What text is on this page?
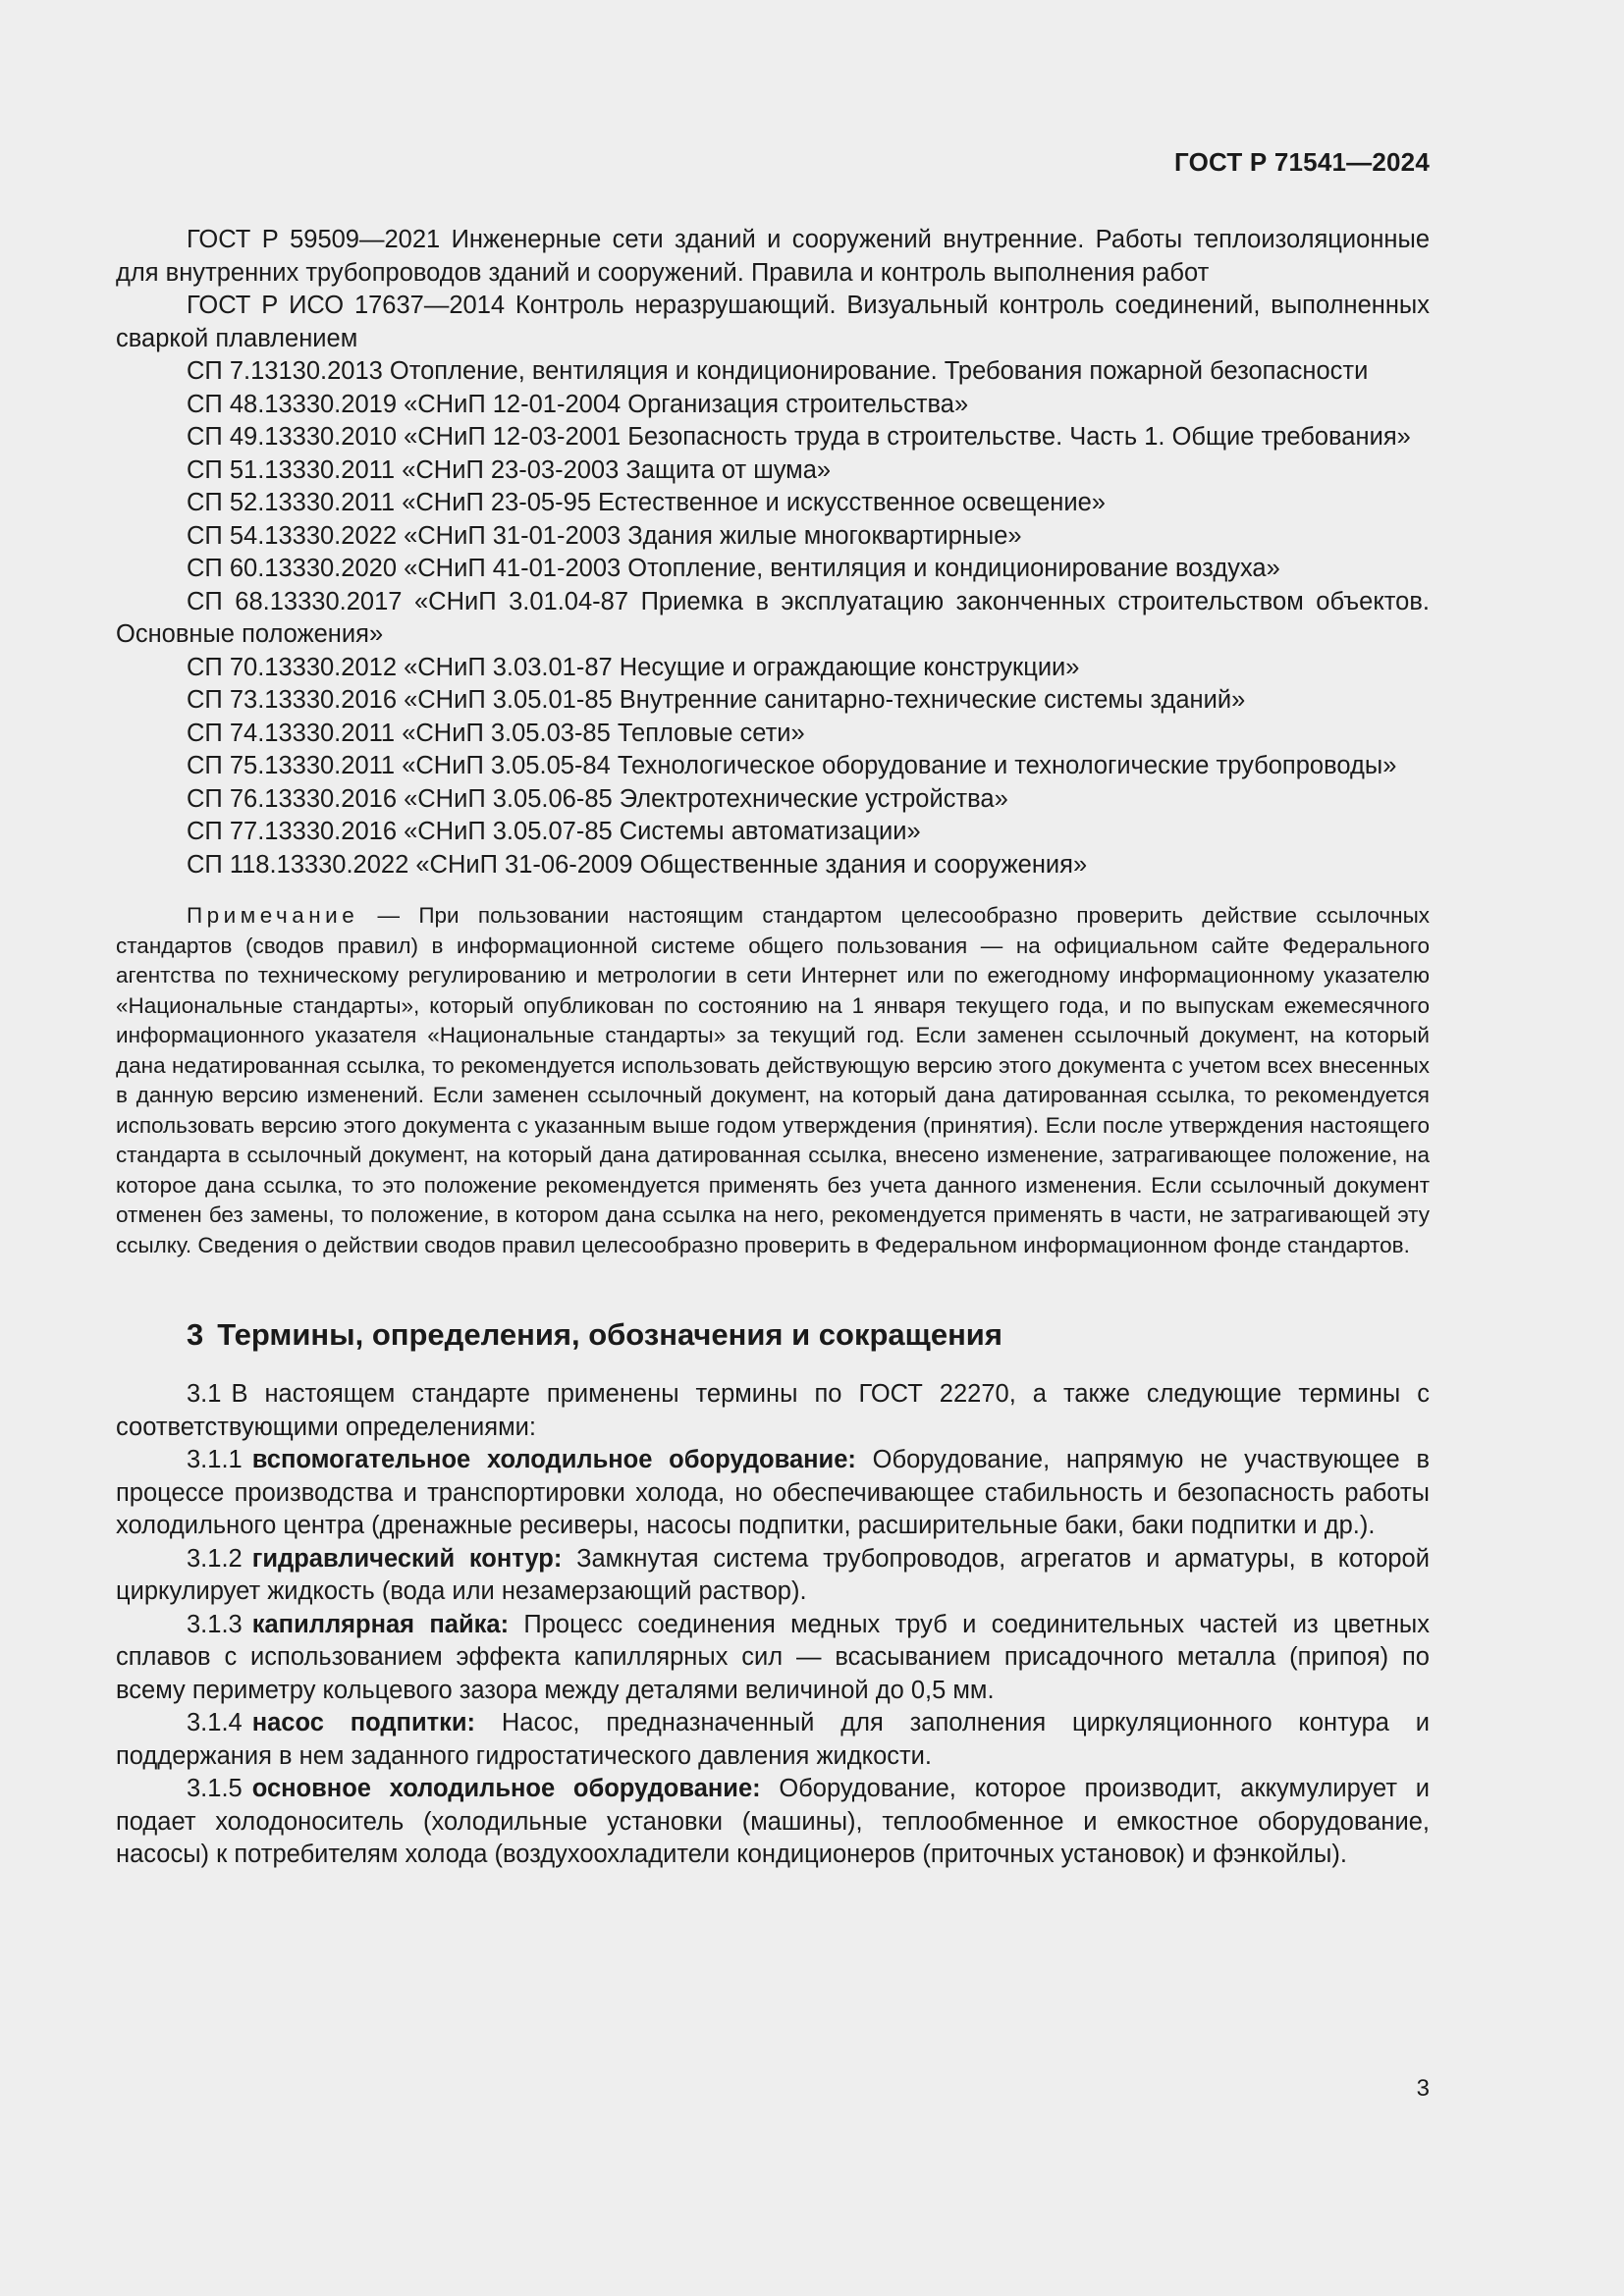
ГОСТ Р 71541—2024

ГОСТ Р 59509—2021 Инженерные сети зданий и сооружений внутренние. Работы теплоизоляционные для внутренних трубопроводов зданий и сооружений. Правила и контроль выполнения работ

ГОСТ Р ИСО 17637—2014 Контроль неразрушающий. Визуальный контроль соединений, выполненных сваркой плавлением

СП 7.13130.2013 Отопление, вентиляция и кондиционирование. Требования пожарной безопасности

СП 48.13330.2019 «СНиП 12-01-2004 Организация строительства»

СП 49.13330.2010 «СНиП 12-03-2001 Безопасность труда в строительстве. Часть 1. Общие требования»

СП 51.13330.2011 «СНиП 23-03-2003 Защита от шума»

СП 52.13330.2011 «СНиП 23-05-95 Естественное и искусственное освещение»

СП 54.13330.2022 «СНиП 31-01-2003 Здания жилые многоквартирные»

СП 60.13330.2020 «СНиП 41-01-2003 Отопление, вентиляция и кондиционирование воздуха»

СП 68.13330.2017 «СНиП 3.01.04-87 Приемка в эксплуатацию законченных строительством объектов. Основные положения»

СП 70.13330.2012 «СНиП 3.03.01-87 Несущие и ограждающие конструкции»

СП 73.13330.2016 «СНиП 3.05.01-85 Внутренние санитарно-технические системы зданий»

СП 74.13330.2011 «СНиП 3.05.03-85 Тепловые сети»

СП 75.13330.2011 «СНиП 3.05.05-84 Технологическое оборудование и технологические трубопроводы»

СП 76.13330.2016 «СНиП 3.05.06-85 Электротехнические устройства»

СП 77.13330.2016 «СНиП 3.05.07-85 Системы автоматизации»

СП 118.13330.2022 «СНиП 31-06-2009 Общественные здания и сооружения»

Примечание — При пользовании настоящим стандартом целесообразно проверить действие ссылочных стандартов (сводов правил) в информационной системе общего пользования — на официальном сайте Федерального агентства по техническому регулированию и метрологии в сети Интернет или по ежегодному информационному указателю «Национальные стандарты», который опубликован по состоянию на 1 января текущего года, и по выпускам ежемесячного информационного указателя «Национальные стандарты» за текущий год. Если заменен ссылочный документ, на который дана недатированная ссылка, то рекомендуется использовать действующую версию этого документа с учетом всех внесенных в данную версию изменений. Если заменен ссылочный документ, на который дана датированная ссылка, то рекомендуется использовать версию этого документа с указанным выше годом утверждения (принятия). Если после утверждения настоящего стандарта в ссылочный документ, на который дана датированная ссылка, внесено изменение, затрагивающее положение, на которое дана ссылка, то это положение рекомендуется применять без учета данного изменения. Если ссылочный документ отменен без замены, то положение, в котором дана ссылка на него, рекомендуется применять в части, не затрагивающей эту ссылку. Сведения о действии сводов правил целесообразно проверить в Федеральном информационном фонде стандартов.
3 Термины, определения, обозначения и сокращения

3.1 В настоящем стандарте применены термины по ГОСТ 22270, а также следующие термины с соответствующими определениями:

3.1.1 вспомогательное холодильное оборудование: Оборудование, напрямую не участвующее в процессе производства и транспортировки холода, но обеспечивающее стабильность и безопасность работы холодильного центра (дренажные ресиверы, насосы подпитки, расширительные баки, баки подпитки и др.).

3.1.2 гидравлический контур: Замкнутая система трубопроводов, агрегатов и арматуры, в которой циркулирует жидкость (вода или незамерзающий раствор).

3.1.3 капиллярная пайка: Процесс соединения медных труб и соединительных частей из цветных сплавов с использованием эффекта капиллярных сил — всасыванием присадочного металла (припоя) по всему периметру кольцевого зазора между деталями величиной до 0,5 мм.

3.1.4 насос подпитки: Насос, предназначенный для заполнения циркуляционного контура и поддержания в нем заданного гидростатического давления жидкости.

3.1.5 основное холодильное оборудование: Оборудование, которое производит, аккумулирует и подает холодоноситель (холодильные установки (машины), теплообменное и емкостное оборудование, насосы) к потребителям холода (воздухоохладители кондиционеров (приточных установок) и фэнкойлы).

3
